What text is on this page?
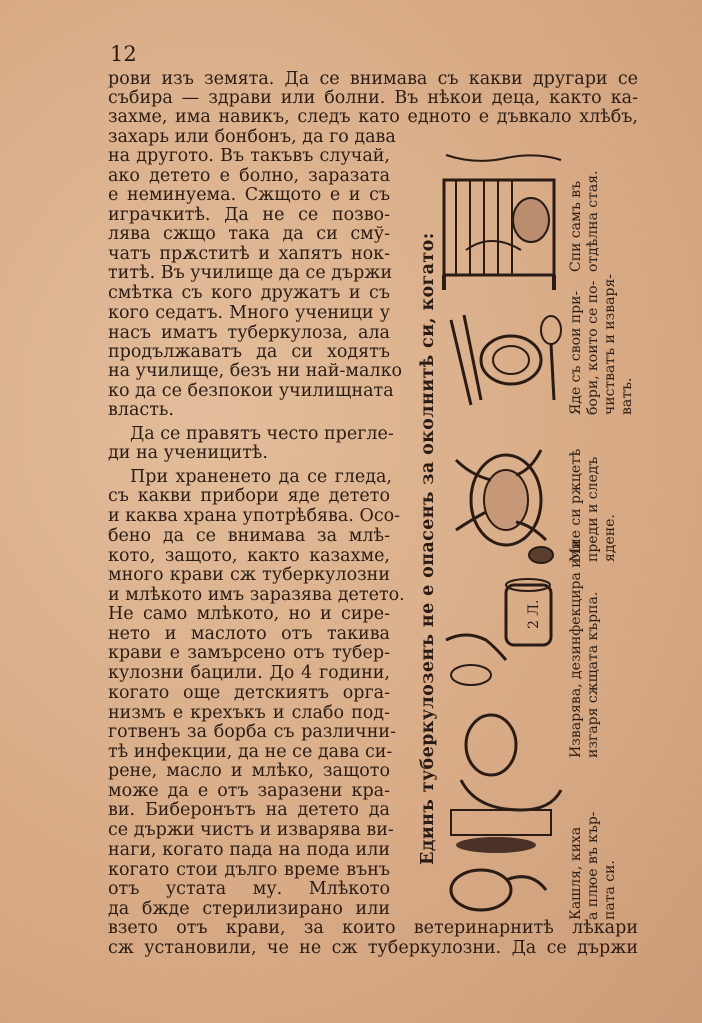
12
рови изъ земята. Да се внимава съ какви другари се
събира — здрави или болни. Въ нѣкои деца, както ка-
захме, има навикъ, следъ като едното е дъвкало хлѣбъ,
захарь или бонбонъ, да го дава
на другото. Въ такъвъ случай,
ако детето е болно, заразата
е неминуема. Сжщото е и съ
играчкитѣ. Да не се позво-
лява сжщо така да си смў-
чатъ прѫститѣ и хапятъ нок-
титѣ. Въ училище да се държи
смѣтка съ кого дружатъ и съ
кого седатъ. Много ученици у
насъ иматъ туберкулоза, ала
продължаватъ да си ходятъ
на училище, безъ ни най-малко
ко да се безпокои училищната
власть.
Да се правятъ често прегле-
ди на ученицитѣ.
При храненето да се гледа,
съ какви прибори яде детето
и каква храна употрѣбява. Осо-
бено да се внимава за млѣ-
кото, защото, както казахме,
много крави сж туберкулозни
и млѣкото имъ заразява детето.
Не само млѣкото, но и сире-
нето и маслото отъ такива
крави е замърсено отъ тубер-
кулозни бацили. До 4 години,
когато още детскиятъ орга-
низмъ е крехъкъ и слабо под-
готвенъ за борба съ различни-
тѣ инфекции, да не се дава си-
рене, масло и млѣко, защото
може да е отъ заразени кра-
ви. Биберонътъ на детето да
се държи чистъ и изварява ви-
наги, когато пада на пода или
когато стои дълго време вънъ
отъ устата му. Млѣкото
да бжде стерилизирано или
взето отъ крави, за които ветеринарнитѣ лѣкари
сж установили, че не сж туберкулозни. Да се държи
Единъ туберкулозенъ не е опасенъ за околнитѣ си, когато:	2 Л.
Спи самъ въ отдѣлна стая.
Яде съ свои при- бори, които се по- чистватъ и изваря- ватъ.
Мие си ржцетѣ преди и следъ ядене.
Изварява, дезинфекцира или изгаря сжщата кърпа.
Кашля, киха а плюе въ кър- пата си.
